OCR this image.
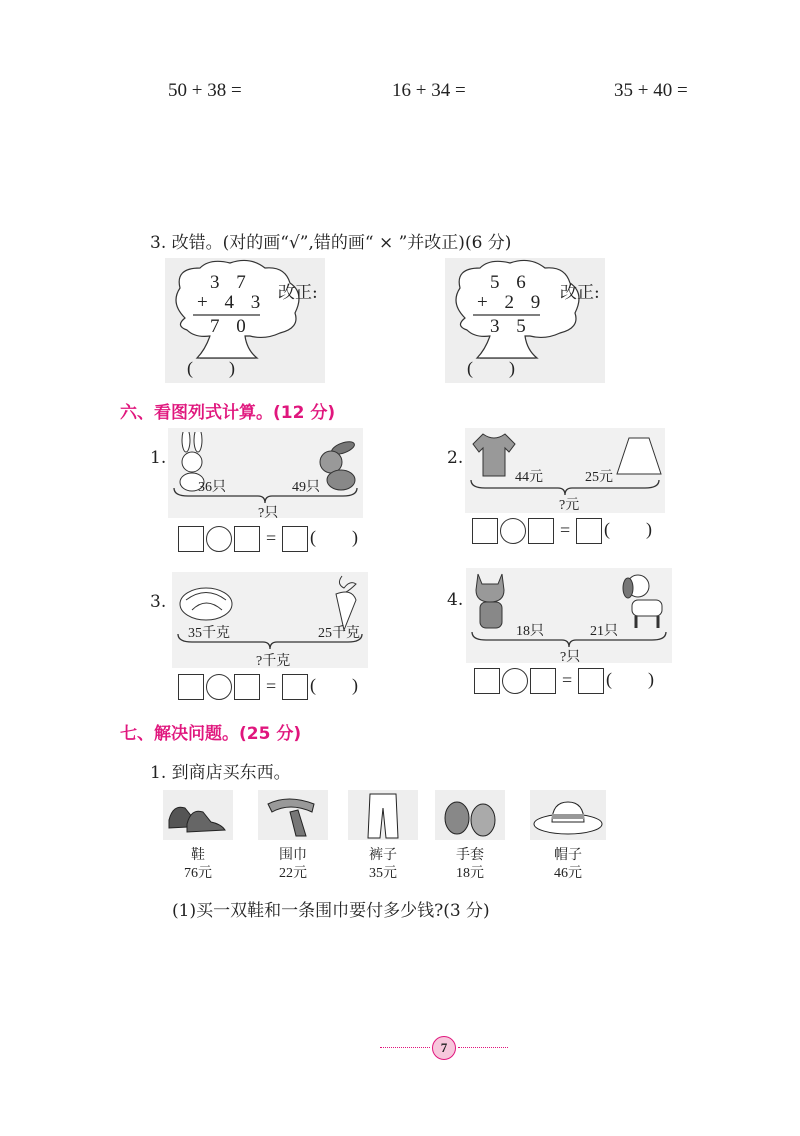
50 + 38 =	16 + 34 =	35 + 40 =
3. 改错。(对的画“√”,错的画“ × ”并改正)(6 分)
3 7
+ 4 3
7 0
(        )
改正:	5 6
+ 2 9
3 5
(        )
改正:
六、看图列式计算。(12 分)
1.
36只	49只
?只
= (        )
2.
44元	25元
?元
= (        )
3.
35千克	25千克
?千克
= (        )
4.
18只	21只
?只
= (        )
七、解决问题。(25 分)
1. 到商店买东西。
鞋
76元
围巾
22元
裤子
35元
手套
18元
帽子
46元
(1)买一双鞋和一条围巾要付多少钱?(3 分)
7
